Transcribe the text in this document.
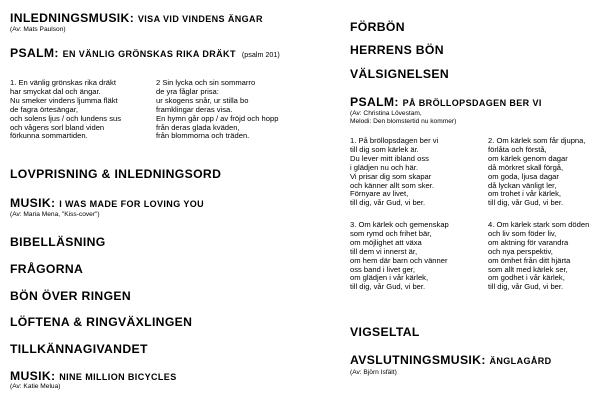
INLEDNINGSMUSIK: VISA VID VINDENS ÄNGAR
(Av: Mats Paulson)
PSALM: EN VÄNLIG GRÖNSKAS RIKA DRÄKT (psalm 201)
1. En vänlig grönskas rika dräkt
har smyckat dal och ängar.
Nu smeker vindens ljumma fläkt
de fagra örtesängar,
och solens ljus / och lundens sus
och vågens sorl bland viden
förkunna sommartiden.
2 Sin lycka och sin sommarro
de yra fåglar prisa:
ur skogens snår, ur stilla bo
framklingar deras visa.
En hymn går opp / av fröjd och hopp
från deras glada kväden,
från blommorna och träden.
LOVPRISNING & INLEDNINGSORD
MUSIK: I WAS MADE FOR LOVING YOU
(Av: Maria Mena, "Kiss-cover")
BIBELLÄSNING
FRÅGORNA
BÖN ÖVER RINGEN
LÖFTENA & RINGVÄXLINGEN
TILLKÄNNAGIVANDET
MUSIK: NINE MILLION BICYCLES
(Av: Katie Melua)
FÖRBÖN
HERRENS BÖN
VÄLSIGNELSEN
PSALM: PÅ BRÖLLOPSDAGEN BER VI
(Av: Christina Lövestam,
Melodi: Den blomstertid nu kommer)
1. På bröllopsdagen ber vi
till dig som kärlek är.
Du lever mitt ibland oss
i glädjen nu och här.
Vi prisar dig som skapar
och känner allt som sker.
Förnyare av livet,
till dig, vår Gud, vi ber.
2. Om kärlek som får djupna,
förlåta och förstå,
om kärlek genom dagar
då mörkret skall förgå,
om goda, ljusa dagar
då lyckan vänligt ler,
om trohet i vår kärlek,
till dig, vår Gud, vi ber.
3. Om kärlek och gemenskap
som rymd och frihet bär,
om möjlighet att växa
till dem vi innerst är,
om hem där barn och vänner
oss band i livet ger,
om glädjen i vår kärlek,
till dig, vår Gud, vi ber.
4. Om kärlek stark som döden
och liv som föder liv,
om aktning för varandra
och nya perspektiv,
om ömhet från ditt hjärta
som allt med kärlek ser,
om godhet i vår kärlek,
till dig, vår Gud, vi ber.
VIGSELTAL
AVSLUTNINGSMUSIK: ÄNGLAGÅRD
(Av: Björn Isfält)
